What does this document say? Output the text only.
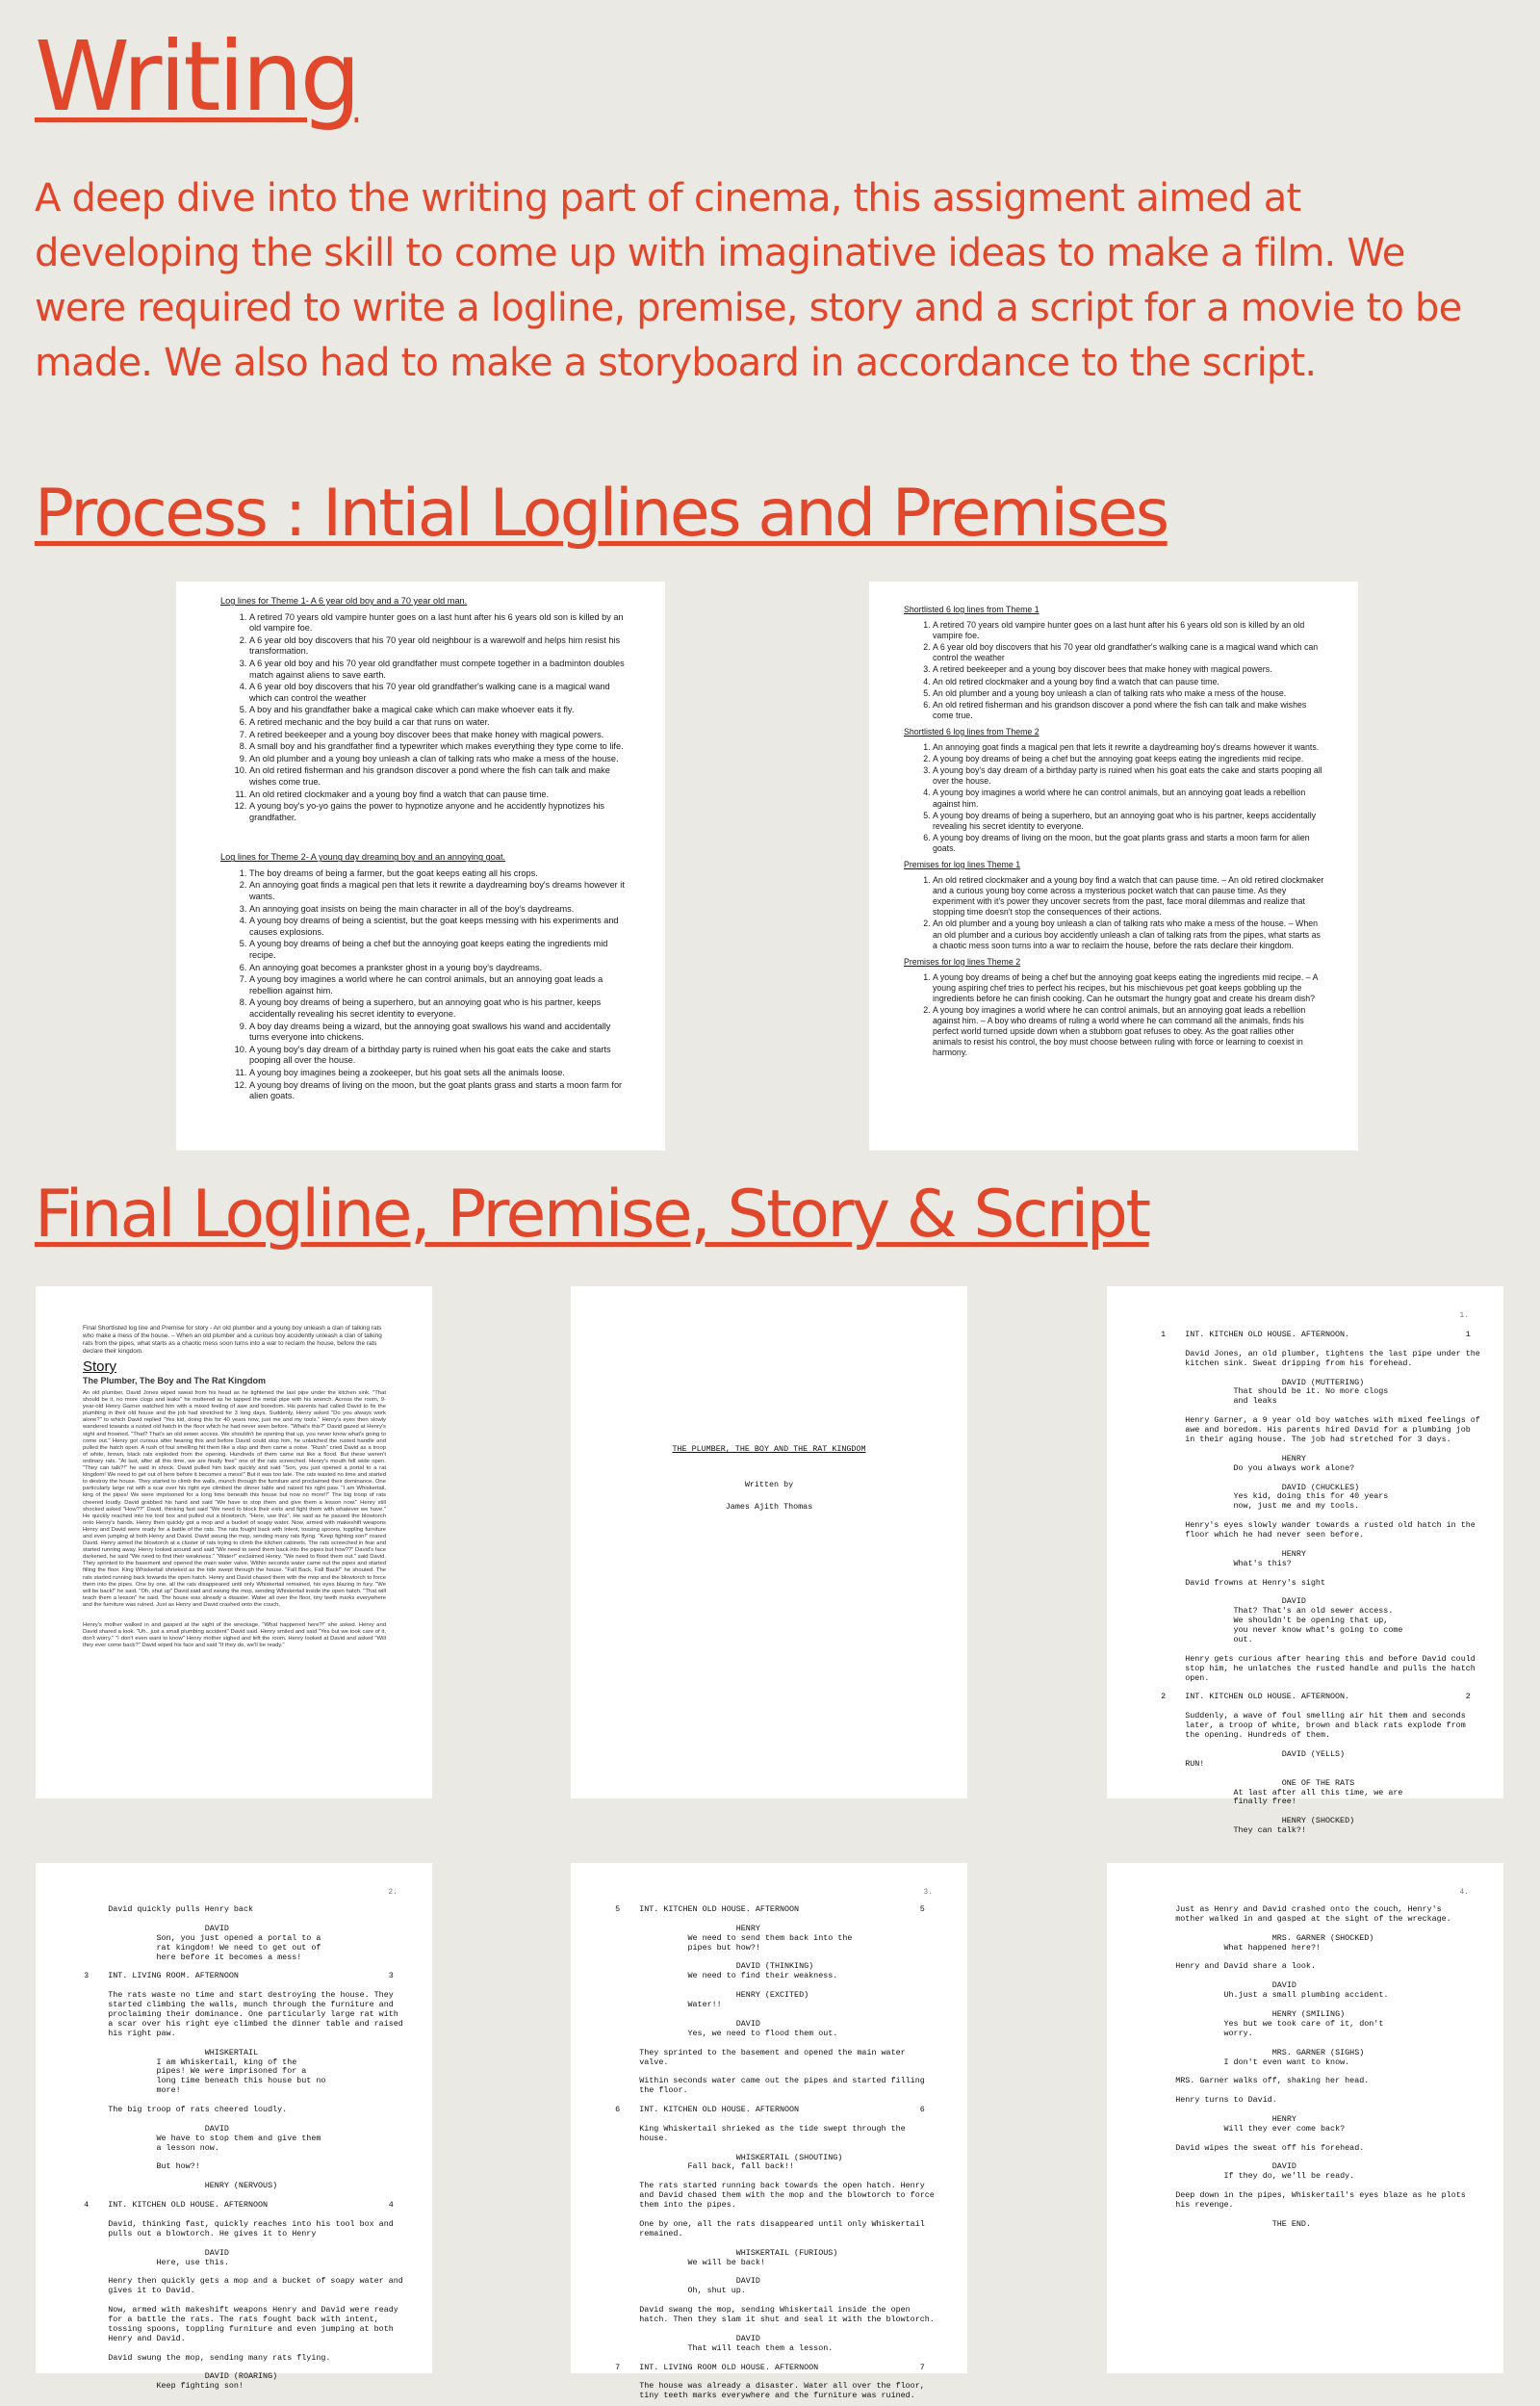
Writing

A deep dive into the writing part of cinema, this assigment aimed at developing the skill to come up with imaginative ideas to make a film. We were required to write a logline, premise, story and a script for a movie to be made. We also had to make a storyboard in accordance to the script.

Process : Intial Loglines and Premises
Log lines for Theme 1- A 6 year old boy and a 70 year old man.
1. A retired 70 years old vampire hunter goes on a last hunt after his 6 years old son is killed by an old vampire foe.
2. A 6 year old boy discovers that his 70 year old neighbour is a warewolf and helps him resist his transformation.
3. A 6 year old boy and his 70 year old grandfather must compete together in a badminton doubles match against aliens to save earth.
4. A 6 year old boy discovers that his 70 year old grandfather's walking cane is a magical wand which can control the weather
5. A boy and his grandfather bake a magical cake which can make whoever eats it fly.
6. A retired mechanic and the boy build a car that runs on water.
7. A retired beekeeper and a young boy discover bees that make honey with magical powers.
8. A small boy and his grandfather find a typewriter which makes everything they type come to life.
9. An old plumber and a young boy unleash a clan of talking rats who make a mess of the house.
10. An old retired fisherman and his grandson discover a pond where the fish can talk and make wishes come true.
11. An old retired clockmaker and a young boy find a watch that can pause time.
12. A young boy's yo-yo gains the power to hypnotize anyone and he accidently hypnotizes his grandfather.
Log lines for Theme 2- A young day dreaming boy and an annoying goat.
1. The boy dreams of being a farmer, but the goat keeps eating all his crops.
2. An annoying goat finds a magical pen that lets it rewrite a daydreaming boy's dreams however it wants.
3. An annoying goat insists on being the main character in all of the boy's daydreams.
4. A young boy dreams of being a scientist, but the goat keeps messing with his experiments and causes explosions.
5. A young boy dreams of being a chef but the annoying goat keeps eating the ingredients mid recipe.
6. An annoying goat becomes a prankster ghost in a young boy's daydreams.
7. A young boy imagines a world where he can control animals, but an annoying goat leads a rebellion against him.
8. A young boy dreams of being a superhero, but an annoying goat who is his partner, keeps accidentally revealing his secret identity to everyone.
9. A boy day dreams being a wizard, but the annoying goat swallows his wand and accidentally turns everyone into chickens.
10. A young boy's day dream of a birthday party is ruined when his goat eats the cake and starts pooping all over the house.
11. A young boy imagines being a zookeeper, but his goat sets all the animals loose.
12. A young boy dreams of living on the moon, but the goat plants grass and starts a moon farm for alien goats.
Shortlisted 6 log lines from Theme 1
1. A retired 70 years old vampire hunter goes on a last hunt after his 6 years old son is killed by an old vampire foe.
2. A 6 year old boy discovers that his 70 year old grandfather's walking cane is a magical wand which can control the weather
3. A retired beekeeper and a young boy discover bees that make honey with magical powers.
4. An old retired clockmaker and a young boy find a watch that can pause time.
5. An old plumber and a young boy unleash a clan of talking rats who make a mess of the house.
6. An old retired fisherman and his grandson discover a pond where the fish can talk and make wishes come true.
Shortlisted 6 log lines from Theme 2
1. An annoying goat finds a magical pen that lets it rewrite a daydreaming boy's dreams however it wants.
2. A young boy dreams of being a chef but the annoying goat keeps eating the ingredients mid recipe.
3. A young boy's day dream of a birthday party is ruined when his goat eats the cake and starts pooping all over the house.
4. A young boy imagines a world where he can control animals, but an annoying goat leads a rebellion against him.
5. A young boy dreams of being a superhero, but an annoying goat who is his partner, keeps accidentally revealing his secret identity to everyone.
6. A young boy dreams of living on the moon, but the goat plants grass and starts a moon farm for alien goats.
Premises for log lines Theme 1
1. An old retired clockmaker and a young boy find a watch that can pause time. – An old retired clockmaker and a curious young boy come across a mysterious pocket watch that can pause time. As they experiment with it's power they uncover secrets from the past, face moral dilemmas and realize that stopping time doesn't stop the consequences of their actions.
2. An old plumber and a young boy unleash a clan of talking rats who make a mess of the house. – When an old plumber and a curious boy accidently unleash a clan of talking rats from the pipes, what starts as a chaotic mess soon turns into a war to reclaim the house, before the rats declare their kingdom.
Premises for log lines Theme 2
1. A young boy dreams of being a chef but the annoying goat keeps eating the ingredients mid recipe. – A young aspiring chef tries to perfect his recipes, but his mischievous pet goat keeps gobbling up the ingredients before he can finish cooking. Can he outsmart the hungry goat and create his dream dish?
2. A young boy imagines a world where he can control animals, but an annoying goat leads a rebellion against him. – A boy who dreams of ruling a world where he can command all the animals, finds his perfect world turned upside down when a stubborn goat refuses to obey. As the goat rallies other animals to resist his control, the boy must choose between ruling with force or learning to coexist in harmony.
Final Logline, Premise, Story & Script

Final Shortlisted log line and Premise for story - An old plumber and a young boy unleash a clan of talking rats who make a mess of the house. – When an old plumber and a curious boy accidently unleash a clan of talking rats from the pipes, what starts as a chaotic mess soon turns into a war to reclaim the house, before the rats declare their kingdom.

Story
The Plumber, The Boy and The Rat Kingdom

An old plumber, David Jones wiped sweat from his head as he tightened the last pipe under the kitchen sink. "That should be it, no more clogs and leaks" he muttered as he tapped the metal pipe with his wrench. Across the room, 9-year-old Henry Garner watched him with a mixed feeling of awe and boredom. His parents had called David to fix the plumbing in their old house and the job had stretched for 3 long days. Suddenly, Henry asked "Do you always work alone?" to which David replied "Yes kid, doing this for 40 years now, just me and my tools." Henry's eyes then slowly wandered towards a rusted old hatch in the floor which he had never seen before. "What's this?" David gazed at Henry's sight and frowned. "That? That's an old sewer access. We shouldn't be opening that up, you never know what's going to come out." Henry got curious after hearing this and before David could stop him, he unlatched the rusted handle and pulled the hatch open. A rush of foul smelling hit them like a slap and then came a noise. "Rush" cried David as a troop of white, brown, black rats exploded from the opening. Hundreds of them came out like a flood. But these weren't ordinary rats. "At last, after all this time, we are finally free" one of the rats screeched. Henry's mouth fell wide open. "They can talk?!" he said in shock. David pulled him back quickly and said "Son, you just opened a portal to a rat kingdom! We need to get out of here before it becomes a mess!" But it was too late. The rats wasted no time and started to destroy the house. They started to climb the walls, munch through the furniture and proclaimed their dominance. One particularly large rat with a scar over his right eye climbed the dinner table and raised his right paw. "I am Whiskertail, king of the pipes! We were imprisoned for a long time beneath this house but now no more!!" The big troop of rats cheered loudly. David grabbed his hand and said "We have to stop them and give them a lesson now." Henry still shocked asked "How??" David, thinking fast said "We need to block their exits and fight them with whatever we have." He quickly reached into his tool box and pulled out a blowtorch. "Here, use this". He said as he passed the blowtorch onto Henry's hands. Henry then quickly got a mop and a bucket of soapy water. Now, armed with makeshift weapons Henry and David were ready for a battle of the rats. The rats fought back with intent, tossing spoons, toppling furniture and even jumping at both Henry and David. David swung the mop, sending many rats flying. "Keep fighting son!" roared David. Henry aimed the blowtorch at a cluster of rats trying to climb the kitchen cabinets. The rats screeched in fear and started running away. Henry looked around and said "We need to send them back into the pipes but how??" David's face darkened, he said "We need to find their weakness." "Water!" exclaimed Henry. "We need to flood them out." said David. They sprinted to the basement and opened the main water valve. Within seconds water came out the pipes and started filling the floor. King Whiskertail shrieked as the tide swept through the house. "Fall Back, Fall Back!" he shouted. The rats started running back towards the open hatch. Henry and David chased them with the mop and the blowtorch to force them into the pipes. One by one, all the rats disappeared until only Whiskertail remained, his eyes blazing in fury. "We will be back!" he said. "Oh, shut up" David said and swung the mop, sending Whiskertail inside the open hatch. "That will teach them a lesson" he said. The house was already a disaster. Water all over the floor, tiny teeth marks everywhere and the furniture was ruined. Just as Henry and David crashed onto the couch,

Henry's mother walked in and gasped at the sight of the wreckage. "What happened here?!" she asked. Henry and David shared a look. "Uh.. just a small plumbing accident" David said. Henry smiled and said "Yes but we took care of it, don't worry." "I don't even want to know" Henry mother sighed and left the room. Henry looked at David and asked "Will they ever come back?" David wiped his face and said "If they do, we'll be ready."

THE PLUMBER, THE BOY AND THE RAT KINGDOM
Written by
James Ajith Thomas
1.
1    INT. KITCHEN OLD HOUSE. AFTERNOON.                        1

David Jones, an old plumber, tightens the last pipe under the
kitchen sink. Sweat dripping from his forehead.

DAVID (MUTTERING)
That should be it. No more clogs
and leaks

Henry Garner, a 9 year old boy watches with mixed feelings of
awe and boredom. His parents hired David for a plumbing job
in their aging house. The job had stretched for 3 days.

HENRY
Do you always work alone?

DAVID (CHUCKLES)
Yes kid, doing this for 40 years
now, just me and my tools.

Henry's eyes slowly wander towards a rusted old hatch in the
floor which he had never seen before.

HENRY
What's this?

David frowns at Henry's sight

DAVID
That? That's an old sewer access.
We shouldn't be opening that up,
you never know what's going to come
out.

Henry gets curious after hearing this and before David could
stop him, he unlatches the rusted handle and pulls the hatch
open.

2    INT. KITCHEN OLD HOUSE. AFTERNOON.                        2

Suddenly, a wave of foul smelling air hit them and seconds
later, a troop of white, brown and black rats explode from
the opening. Hundreds of them.

DAVID (YELLS)
RUN!

ONE OF THE RATS
At last after all this time, we are
finally free!

HENRY (SHOCKED)
They can talk?!
2.
David quickly pulls Henry back

DAVID
Son, you just opened a portal to a
rat kingdom! We need to get out of
here before it becomes a mess!

3    INT. LIVING ROOM. AFTERNOON                               3

The rats waste no time and start destroying the house. They
started climbing the walls, munch through the furniture and
proclaiming their dominance. One particularly large rat with
a scar over his right eye climbed the dinner table and raised
his right paw.

WHISKERTAIL
I am Whiskertail, king of the
pipes! We were imprisoned for a
long time beneath this house but no
more!

The big troop of rats cheered loudly.

DAVID
We have to stop them and give them
a lesson now.

But how?!

HENRY (NERVOUS)

4    INT. KITCHEN OLD HOUSE. AFTERNOON                         4

David, thinking fast, quickly reaches into his tool box and
pulls out a blowtorch. He gives it to Henry

DAVID
Here, use this.

Henry then quickly gets a mop and a bucket of soapy water and
gives it to David.

Now, armed with makeshift weapons Henry and David were ready
for a battle the rats. The rats fought back with intent,
tossing spoons, toppling furniture and even jumping at both
Henry and David.

David swung the mop, sending many rats flying.

DAVID (ROARING)
Keep fighting son!
3.
5    INT. KITCHEN OLD HOUSE. AFTERNOON                         5

HENRY
We need to send them back into the
pipes but how?!

DAVID (THINKING)
We need to find their weakness.

HENRY (EXCITED)
Water!!

DAVID
Yes, we need to flood them out.

They sprinted to the basement and opened the main water
valve.

Within seconds water came out the pipes and started filling
the floor.

6    INT. KITCHEN OLD HOUSE. AFTERNOON                         6

King Whiskertail shrieked as the tide swept through the
house.

WHISKERTAIL (SHOUTING)
Fall back, fall back!!

The rats started running back towards the open hatch. Henry
and David chased them with the mop and the blowtorch to force
them into the pipes.

One by one, all the rats disappeared until only Whiskertail
remained.

WHISKERTAIL (FURIOUS)
We will be back!

DAVID
Oh, shut up.

David swang the mop, sending Whiskertail inside the open
hatch. Then they slam it shut and seal it with the blowtorch.

DAVID
That will teach them a lesson.

7    INT. LIVING ROOM OLD HOUSE. AFTERNOON                     7

The house was already a disaster. Water all over the floor,
tiny teeth marks everywhere and the furniture was ruined.
4.
Just as Henry and David crashed onto the couch, Henry's
mother walked in and gasped at the sight of the wreckage.

MRS. GARNER (SHOCKED)
What happened here?!

Henry and David share a look.

DAVID
Uh.just a small plumbing accident.

HENRY (SMILING)
Yes but we took care of it, don't
worry.

MRS. GARNER (SIGHS)
I don't even want to know.

MRS. Garner walks off, shaking her head.

Henry turns to David.

HENRY
Will they ever come back?

David wipes the sweat off his forehead.

DAVID
If they do, we'll be ready.

Deep down in the pipes, Whiskertail's eyes blaze as he plots
his revenge.

THE END.
